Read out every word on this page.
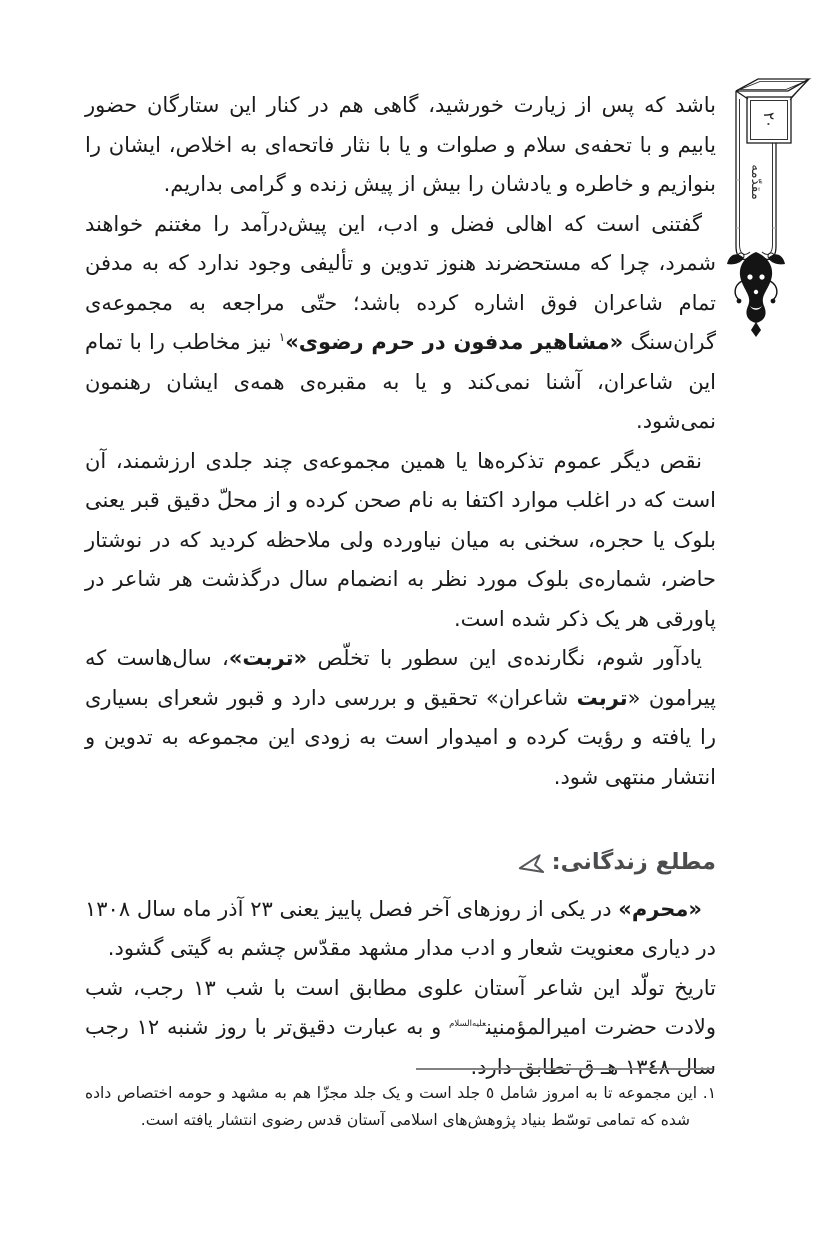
۲۰
مقدّمه

باشد که پس از زیارت خورشید، گاهی هم در کنار این ستارگان حضور یابیم و با تحفه‌ی سلام و صلوات و یا با نثار فاتحه‌ای به اخلاص، ایشان را بنوازیم و خاطره و یادشان را بیش از پیش زنده و گرامی بداریم.

گفتنی است که اهالی فضل و ادب، این پیش‌درآمد را مغتنم خواهند شمرد، چرا که مستحضرند هنوز تدوین و تألیفی وجود ندارد که به مدفن تمام شاعران فوق اشاره کرده باشد؛ حتّی مراجعه به مجموعه‌ی گران‌سنگ «مشاهیر مدفون در حرم رضوی»$^۱$ نیز مخاطب را با تمام این شاعران، آشنا نمی‌کند و یا به مقبره‌ی همه‌ی ایشان رهنمون نمی‌شود.

نقص دیگر عموم تذکره‌ها یا همین مجموعه‌ی چند جلدی ارزشمند، آن است که در اغلب موارد اکتفا به نام صحن کرده و از محلّ دقیق قبر یعنی بلوک یا حجره، سخنی به میان نیاورده ولی ملاحظه کردید که در نوشتار حاضر، شماره‌ی بلوک مورد نظر به انضمام سال درگذشت هر شاعر در پاورقی هر یک ذکر شده است.

یادآور شوم، نگارنده‌ی این سطور با تخلّص «تربت»، سال‌هاست که پیرامون «تربت شاعران» تحقیق و بررسی دارد و قبور شعرای بسیاری را یافته و رؤیت کرده و امیدوار است به زودی این مجموعه به تدوین و انتشار منتهی شود.

مطلع زندگانی:

«محرم» در یکی از روزهای آخر فصل پاییز یعنی ۲۳ آذر ماه سال ۱۳۰۸ در دیاری معنویت شعار و ادب مدار مشهد مقدّس چشم به گیتی گشود.

تاریخ تولّد این شاعر آستان علوی مطابق است با شب ۱۳ رجب، شب ولادت حضرت امیرالمؤمنین$^{علیه‌السلام}$ و به عبارت دقیق‌تر با روز شنبه ۱۲ رجب سال ۱۳٤۸ هـ ق تطابق دارد.

۱. این مجموعه تا به امروز شامل ٥ جلد است و یک جلد مجزّا هم به مشهد و حومه اختصاص داده شده که تمامی توسّط بنیاد پژوهش‌های اسلامی آستان قدس رضوی انتشار یافته است.
